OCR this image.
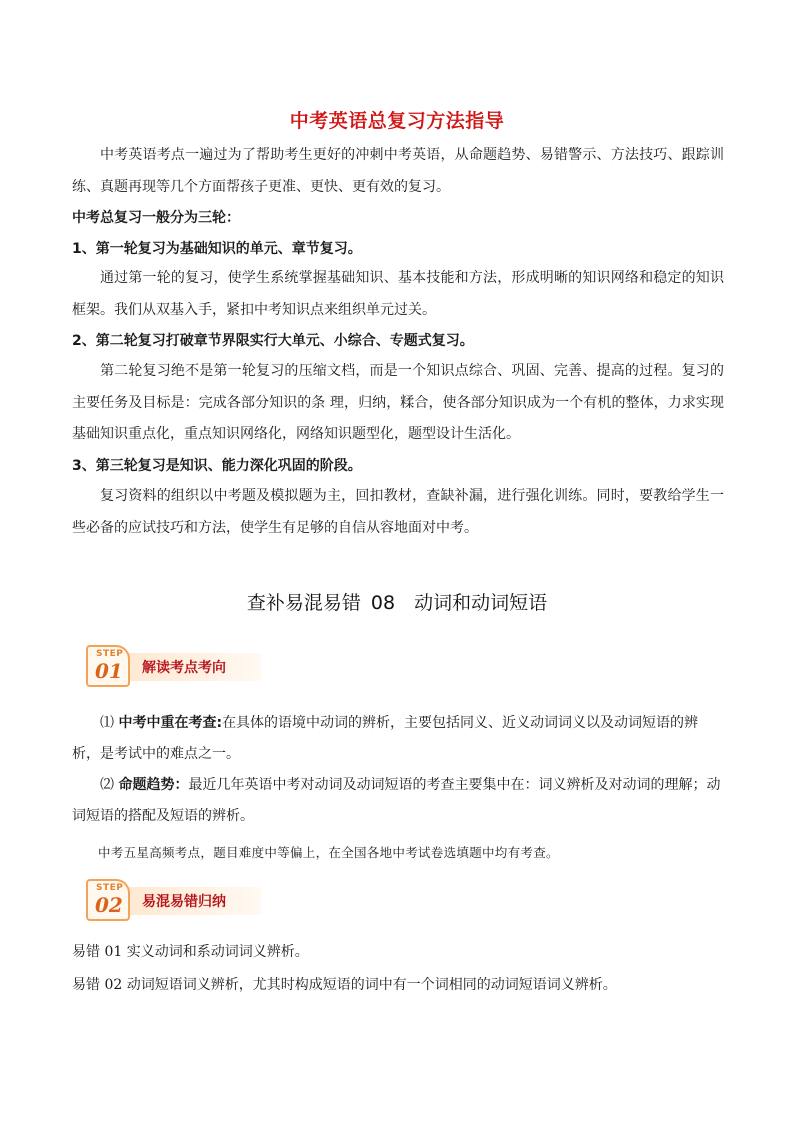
中考英语总复习方法指导
中考英语考点一遍过为了帮助考生更好的冲刺中考英语，从命题趋势、易错警示、方法技巧、跟踪训练、真题再现等几个方面帮孩子更准、更快、更有效的复习。
中考总复习一般分为三轮：
1、第一轮复习为基础知识的单元、章节复习。
通过第一轮的复习，使学生系统掌握基础知识、基本技能和方法，形成明晰的知识网络和稳定的知识框架。我们从双基入手，紧扣中考知识点来组织单元过关。
2、第二轮复习打破章节界限实行大单元、小综合、专题式复习。
第二轮复习绝不是第一轮复习的压缩文档，而是一个知识点综合、巩固、完善、提高的过程。复习的主要任务及目标是：完成各部分知识的条 理，归纳，糅合，使各部分知识成为一个有机的整体，力求实现基础知识重点化，重点知识网络化，网络知识题型化，题型设计生活化。
3、第三轮复习是知识、能力深化巩固的阶段。
复习资料的组织以中考题及模拟题为主，回扣教材，查缺补漏，进行强化训练。同时，要教给学生一些必备的应试技巧和方法，使学生有足够的自信从容地面对中考。
查补易混易错 08　动词和动词短语
STEP
01 解读考点考向
⑴ 中考中重在考查:在具体的语境中动词的辨析，主要包括同义、近义动词词义以及动词短语的辨析，是考试中的难点之一。
⑵ 命题趋势：最近几年英语中考对动词及动词短语的考查主要集中在：词义辨析及对动词的理解；动词短语的搭配及短语的辨析。
中考五星高频考点，题目难度中等偏上，在全国各地中考试卷选填题中均有考查。
STEP
02 易混易错归纳
易错 01 实义动词和系动词词义辨析。
易错 02 动词短语词义辨析，尤其时构成短语的词中有一个词相同的动词短语词义辨析。
